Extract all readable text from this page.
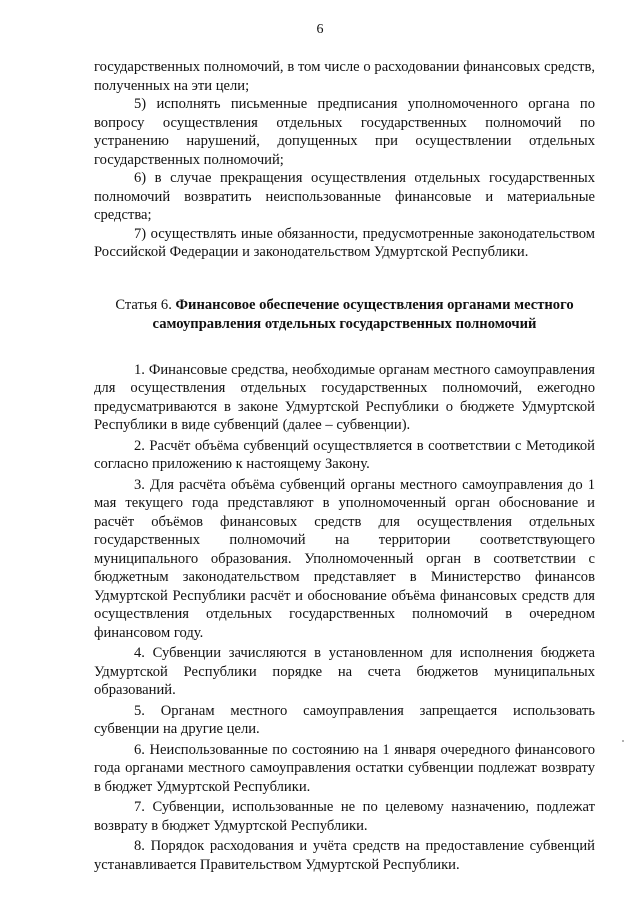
6

государственных полномочий, в том числе о расходовании финансовых средств, полученных на эти цели;

5) исполнять письменные предписания уполномоченного органа по вопросу осуществления отдельных государственных полномочий по устранению нарушений, допущенных при осуществлении отдельных государственных полномочий;

6) в случае прекращения осуществления отдельных государственных полномочий возвратить неиспользованные финансовые и материальные средства;

7) осуществлять иные обязанности, предусмотренные законодательством Российской Федерации и законодательством Удмуртской Республики.

Статья 6. Финансовое обеспечение осуществления органами местного самоуправления отдельных государственных полномочий

1. Финансовые средства, необходимые органам местного самоуправления для осуществления отдельных государственных полномочий, ежегодно предусматриваются в законе Удмуртской Республики о бюджете Удмуртской Республики в виде субвенций (далее – субвенции).

2. Расчёт объёма субвенций осуществляется в соответствии с Методикой согласно приложению к настоящему Закону.

3. Для расчёта объёма субвенций органы местного самоуправления до 1 мая текущего года представляют в уполномоченный орган обоснование и расчёт объёмов финансовых средств для осуществления отдельных государственных полномочий на территории соответствующего муниципального образования. Уполномоченный орган в соответствии с бюджетным законодательством представляет в Министерство финансов Удмуртской Республики расчёт и обоснование объёма финансовых средств для осуществления отдельных государственных полномочий в очередном финансовом году.

4. Субвенции зачисляются в установленном для исполнения бюджета Удмуртской Республики порядке на счета бюджетов муниципальных образований.

5. Органам местного самоуправления запрещается использовать субвенции на другие цели.

6. Неиспользованные по состоянию на 1 января очередного финансового года органами местного самоуправления остатки субвенции подлежат возврату в бюджет Удмуртской Республики.

7. Субвенции, использованные не по целевому назначению, подлежат возврату в бюджет Удмуртской Республики.

8. Порядок расходования и учёта средств на предоставление субвенций устанавливается Правительством Удмуртской Республики.
